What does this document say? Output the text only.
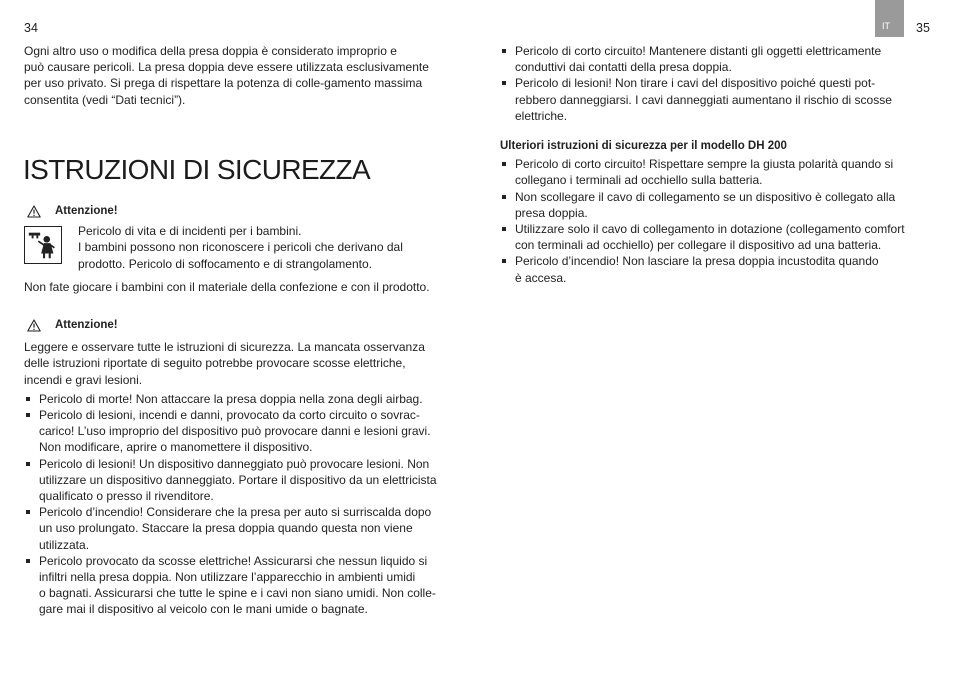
34	IT	35

Ogni altro uso o modifica della presa doppia è considerato improprio e
può causare pericoli. La presa doppia deve essere utilizzata esclusivamente
per uso privato. Si prega di rispettare la potenza di colle-gamento massima
consentita (vedi “Dati tecnici”).

ISTRUZIONI DI SICUREZZA
Attenzione!

Pericolo di vita e di incidenti per i bambini.
I bambini possono non riconoscere i pericoli che derivano dal
prodotto. Pericolo di soffocamento e di strangolamento.

Non fate giocare i bambini con il materiale della confezione e con il prodotto.

Attenzione!

Leggere e osservare tutte le istruzioni di sicurezza. La mancata osservanza
delle istruzioni riportate di seguito potrebbe provocare scosse elettriche,
incendi e gravi lesioni.

Pericolo di morte! Non attaccare la presa doppia nella zona degli airbag.
Pericolo di lesioni, incendi e danni, provocato da corto circuito o sovrac-
carico! L’uso improprio del dispositivo può provocare danni e lesioni gravi.
Non modificare, aprire o manomettere il dispositivo.
Pericolo di lesioni! Un dispositivo danneggiato può provocare lesioni. Non
utilizzare un dispositivo danneggiato. Portare il dispositivo da un elettricista
qualificato o presso il rivenditore.
Pericolo d’incendio! Considerare che la presa per auto si surriscalda dopo
un uso prolungato. Staccare la presa doppia quando questa non viene
utilizzata.
Pericolo provocato da scosse elettriche! Assicurarsi che nessun liquido si
infiltri nella presa doppia. Non utilizzare l’apparecchio in ambienti umidi
o bagnati. Assicurarsi che tutte le spine e i cavi non siano umidi. Non colle-
gare mai il dispositivo al veicolo con le mani umide o bagnate.
Pericolo di corto circuito! Mantenere distanti gli oggetti elettricamente
conduttivi dai contatti della presa doppia.
Pericolo di lesioni! Non tirare i cavi del dispositivo poiché questi pot-
rebbero danneggiarsi. I cavi danneggiati aumentano il rischio di scosse
elettriche.

Ulteriori istruzioni di sicurezza per il modello DH 200

Pericolo di corto circuito! Rispettare sempre la giusta polarità quando si
collegano i terminali ad occhiello sulla batteria.
Non scollegare il cavo di collegamento se un dispositivo è collegato alla
presa doppia.
Utilizzare solo il cavo di collegamento in dotazione (collegamento comfort
con terminali ad occhiello) per collegare il dispositivo ad una batteria.
Pericolo d’incendio! Non lasciare la presa doppia incustodita quando
è accesa.
